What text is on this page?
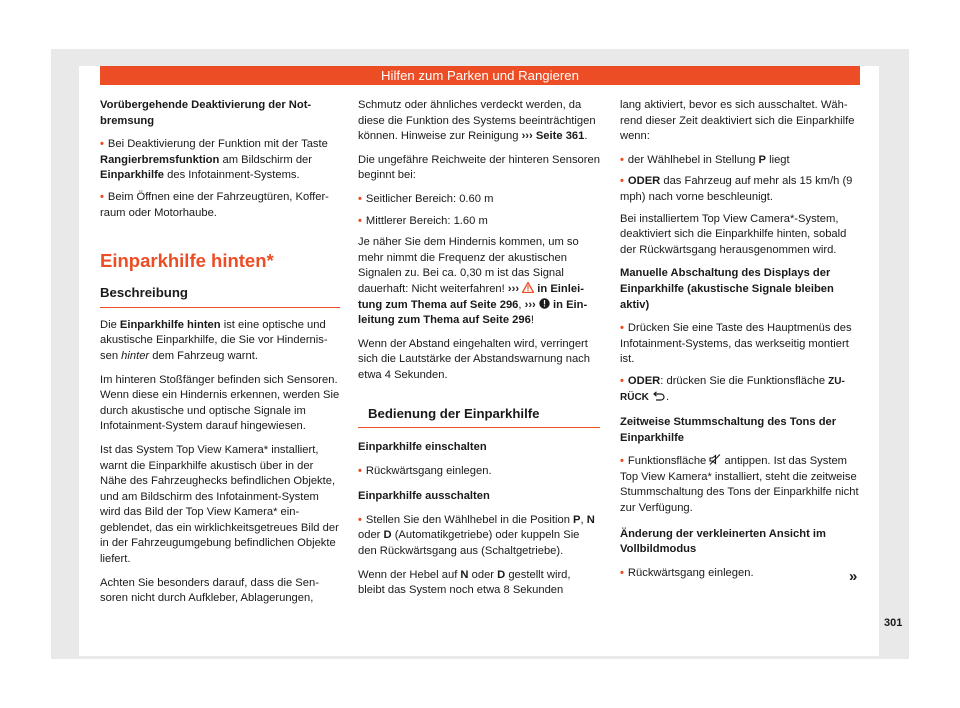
Hilfen zum Parken und Rangieren

Vorübergehende Deaktivierung der Notbremsung

• Bei Deaktivierung der Funktion mit der Taste Rangierbremsfunktion am Bildschirm der Einparkhilfe des Infotainment-Systems.

• Beim Öffnen eine der Fahrzeugtüren, Kofferraum oder Motorhaube.

Einparkhilfe hinten*
Beschreibung

Die Einparkhilfe hinten ist eine optische und akustische Einparkhilfe, die Sie vor Hindernissen hinter dem Fahrzeug warnt.

Im hinteren Stoßfänger befinden sich Sensoren. Wenn diese ein Hindernis erkennen, werden Sie durch akustische und optische Signale im Infotainment-System darauf hingewiesen.

Ist das System Top View Kamera* installiert, warnt die Einparkhilfe akustisch über in der Nähe des Fahrzeughecks befindlichen Objekte, und am Bildschirm des Infotainment-System wird das Bild der Top View Kamera* eingeblendet, das ein wirklichkeitsgetreues Bild der in der Fahrzeugumgebung befindlichen Objekte liefert.

Achten Sie besonders darauf, dass die Sensoren nicht durch Aufkleber, Ablagerungen,

Schmutz oder ähnliches verdeckt werden, da diese die Funktion des Systems beeinträchtigen können. Hinweise zur Reinigung ››› Seite 361.

Die ungefähre Reichweite der hinteren Sensoren beginnt bei:

• Seitlicher Bereich: 0.60 m

• Mittlerer Bereich: 1.60 m

Je näher Sie dem Hindernis kommen, um so mehr nimmt die Frequenz der akustischen Signalen zu. Bei ca. 0,30 m ist das Signal dauerhaft: Nicht weiterfahren! ›››  in Einleitung zum Thema auf Seite 296, ›››  in Einleitung zum Thema auf Seite 296!

Wenn der Abstand eingehalten wird, verringert sich die Lautstärke der Abstandswarnung nach etwa 4 Sekunden.

Bedienung der Einparkhilfe

Einparkhilfe einschalten

• Rückwärtsgang einlegen.

Einparkhilfe ausschalten

• Stellen Sie den Wählhebel in die Position P, N oder D (Automatikgetriebe) oder kuppeln Sie den Rückwärtsgang aus (Schaltgetriebe).

Wenn der Hebel auf N oder D gestellt wird, bleibt das System noch etwa 8 Sekunden

lang aktiviert, bevor es sich ausschaltet. Während dieser Zeit deaktiviert sich die Einparkhilfe wenn:

• der Wählhebel in Stellung P liegt

• ODER das Fahrzeug auf mehr als 15 km/h (9 mph) nach vorne beschleunigt.

Bei installiertem Top View Camera*-System, deaktiviert sich die Einparkhilfe hinten, sobald der Rückwärtsgang herausgenommen wird.

Manuelle Abschaltung des Displays der Einparkhilfe (akustische Signale bleiben aktiv)

• Drücken Sie eine Taste des Hauptmenüs des Infotainment-Systems, das werkseitig montiert ist.

• ODER: drücken Sie die Funktionsfläche ZURÜCK .

Zeitweise Stummschaltung des Tons der Einparkhilfe

• Funktionsfläche  antippen. Ist das System Top View Kamera* installiert, steht die zeitweise Stummschaltung des Tons der Einparkhilfe nicht zur Verfügung.

Änderung der verkleinerten Ansicht im Vollbildmodus

• Rückwärtsgang einlegen.	»
301
